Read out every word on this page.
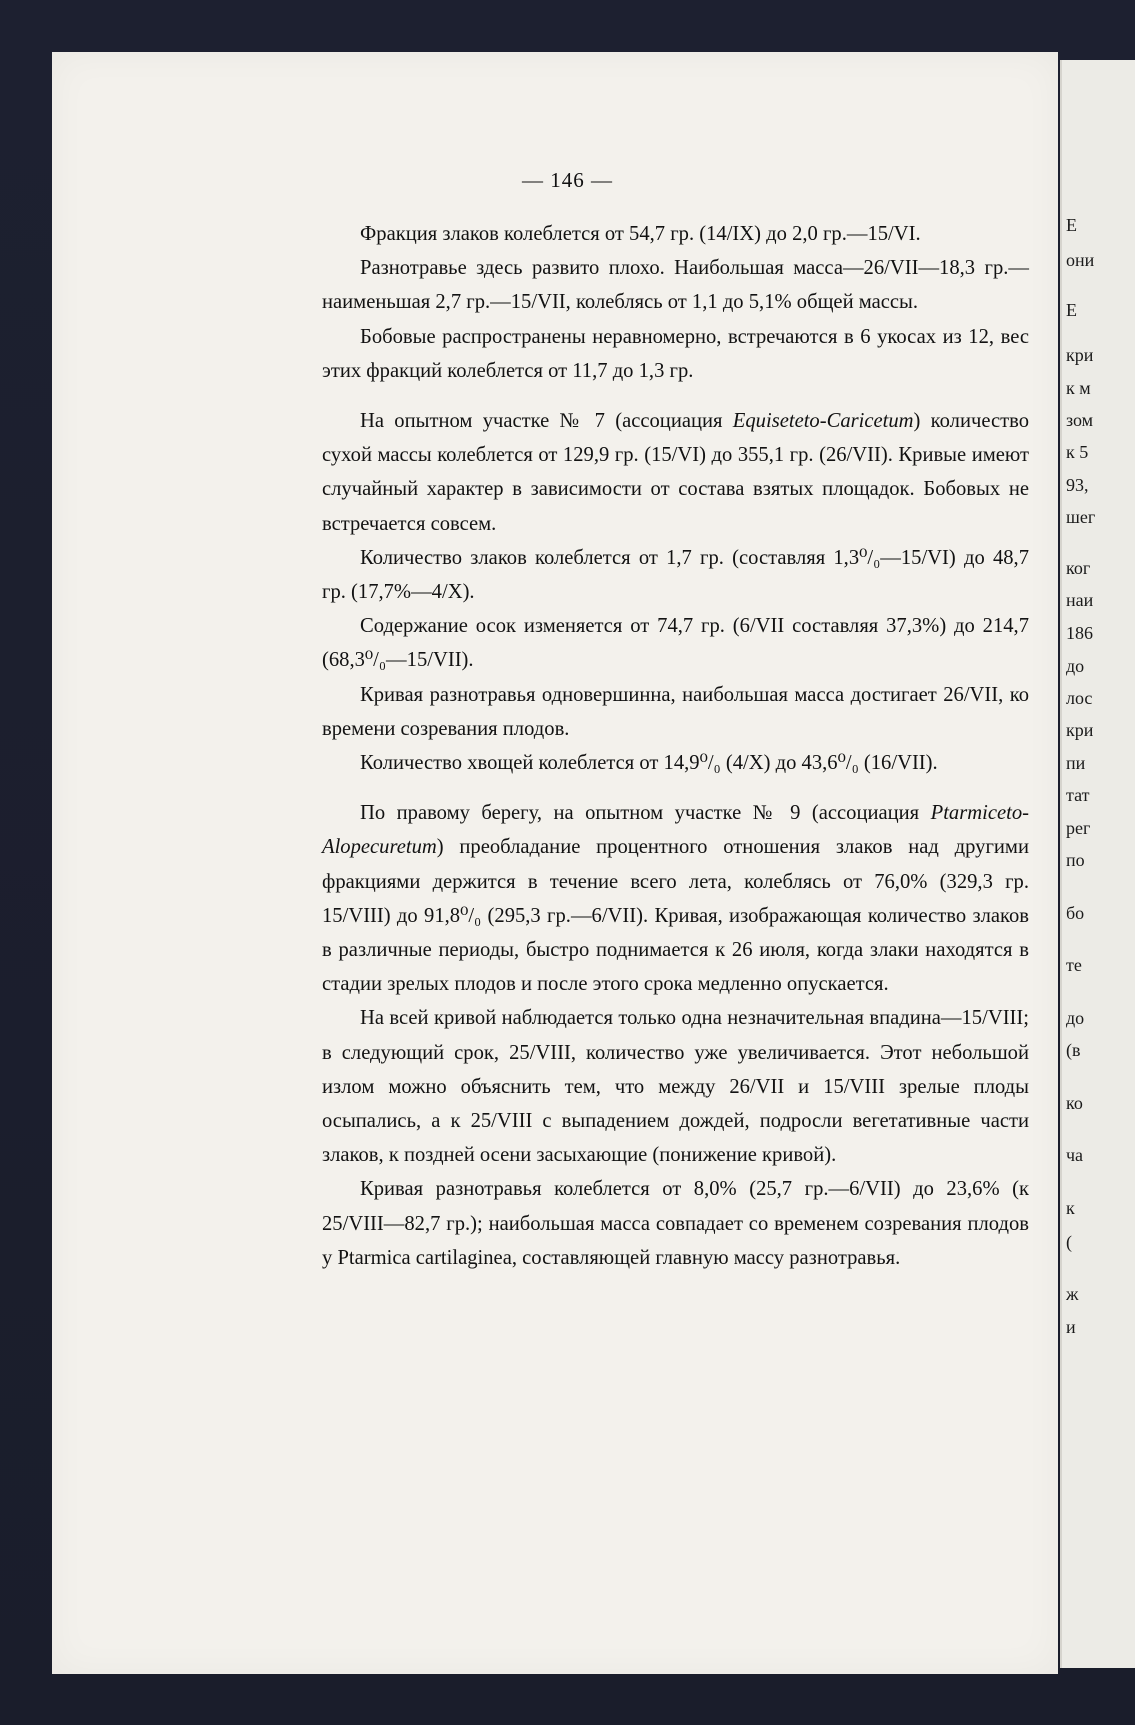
Е
они
Е
кри
к м
зом
к 5
93,
шег
ког
наи
186
до
лос
кри
пи
тат
рег
по
бо
те
до
(в
ко
ча
к
(
ж
и
— 146 —

Фракция злаков колеблется от 54,7 гр. (14/IX) до 2,0 гр.—15/VI.

Разнотравье здесь развито плохо. Наибольшая масса—26/VII—18,3 гр.—наименьшая 2,7 гр.—15/VII, колеблясь от 1,1 до 5,1% общей массы.

Бобовые распространены неравномерно, встречаются в 6 укосах из 12, вес этих фракций колеблется от 11,7 до 1,3 гр.

На опытном участке № 7 (ассоциация Equiseteto-Caricetum) количество сухой массы колеблется от 129,9 гр. (15/VI) до 355,1 гр. (26/VII). Кривые имеют случайный характер в зависимости от состава взятых площадок. Бобовых не встречается совсем.

Количество злаков колеблется от 1,7 гр. (составляя 1,3⁰/₀—15/VI) до 48,7 гр. (17,7%—4/X).

Содержание осок изменяется от 74,7 гр. (6/VII составляя 37,3%) до 214,7 (68,3⁰/₀—15/VII).

Кривая разнотравья одновершинна, наибольшая масса достигает 26/VII, ко времени созревания плодов.

Количество хвощей колеблется от 14,9⁰/₀ (4/X) до 43,6⁰/₀ (16/VII).

По правому берегу, на опытном участке № 9 (ассоциация Ptarmiceto-Alopecuretum) преобладание процентного отношения злаков над другими фракциями держится в течение всего лета, колеблясь от 76,0% (329,3 гр. 15/VIII) до 91,8⁰/₀ (295,3 гр.—6/VII). Кривая, изображающая количество злаков в различные периоды, быстро поднимается к 26 июля, когда злаки находятся в стадии зрелых плодов и после этого срока медленно опускается.

На всей кривой наблюдается только одна незначительная впадина—15/VIII; в следующий срок, 25/VIII, количество уже увеличивается. Этот небольшой излом можно объяснить тем, что между 26/VII и 15/VIII зрелые плоды осыпались, а к 25/VIII с выпадением дождей, подросли вегетативные части злаков, к поздней осени засыхающие (понижение кривой).

Кривая разнотравья колеблется от 8,0% (25,7 гр.—6/VII) до 23,6% (к 25/VIII—82,7 гр.); наибольшая масса совпадает со временем созревания плодов у Ptarmica cartilaginea, составляющей главную массу разнотравья.
